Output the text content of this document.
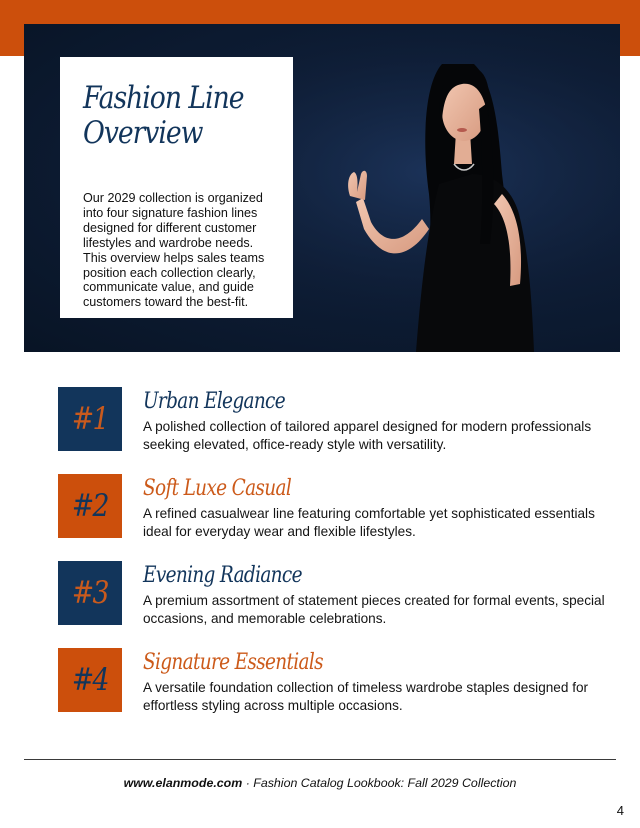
Fashion Line
Overview

Our 2029 collection is organized into four signature fashion lines designed for different customer lifestyles and wardrobe needs. This overview helps sales teams position each collection clearly, communicate value, and guide customers toward the best-fit.

#1 Urban Elegance

A polished collection of tailored apparel designed for modern professionals seeking elevated, office-ready style with versatility.

#2 Soft Luxe Casual

A refined casualwear line featuring comfortable yet sophisticated essentials ideal for everyday wear and flexible lifestyles.

#3 Evening Radiance

A premium assortment of statement pieces created for formal events, special occasions, and memorable celebrations.

#4 Signature Essentials

A versatile foundation collection of timeless wardrobe staples designed for effortless styling across multiple occasions.

www.elanmode.com · Fashion Catalog Lookbook: Fall 2029 Collection
4
